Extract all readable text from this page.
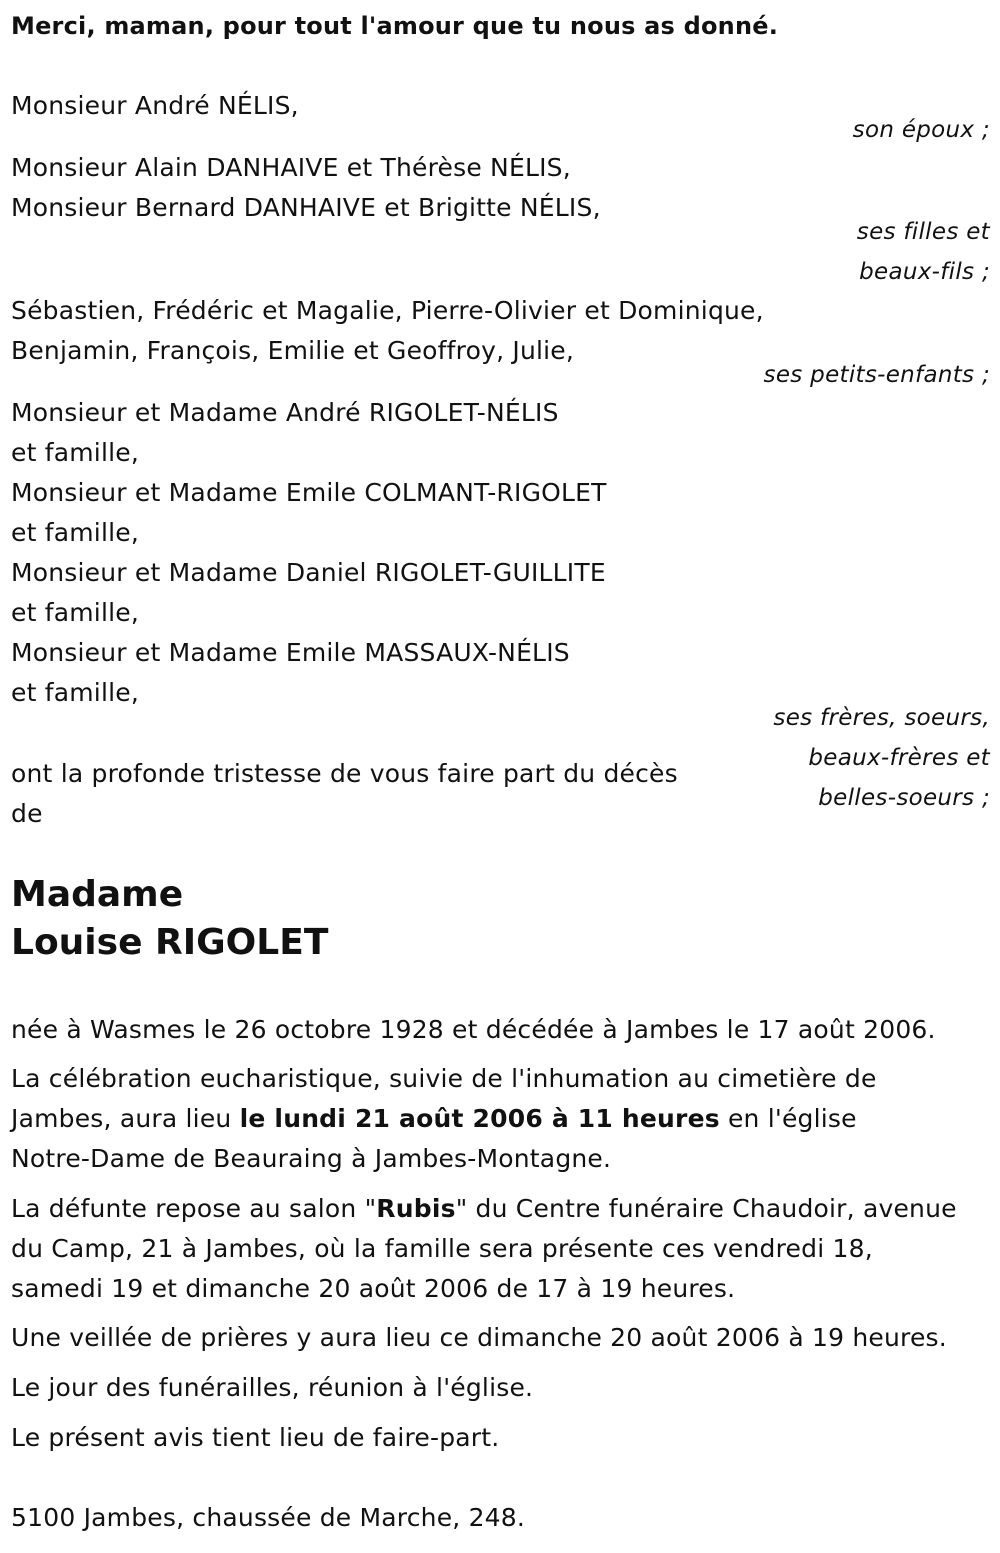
Merci, maman, pour tout l'amour que tu nous as donné.
Monsieur André NÉLIS,
son époux ;
Monsieur Alain DANHAIVE et Thérèse NÉLIS,
Monsieur Bernard DANHAIVE et Brigitte NÉLIS,
ses filles et
beaux-fils ;
Sébastien, Frédéric et Magalie, Pierre-Olivier et Dominique,
Benjamin, François, Emilie et Geoffroy, Julie,
ses petits-enfants ;
Monsieur et Madame André RIGOLET-NÉLIS
et famille,
Monsieur et Madame Emile COLMANT-RIGOLET
et famille,
Monsieur et Madame Daniel RIGOLET-GUILLITE
et famille,
Monsieur et Madame Emile MASSAUX-NÉLIS
et famille,
ses frères, soeurs,
beaux-frères et
belles-soeurs ;
ont la profonde tristesse de vous faire part du décès
de
Madame
Louise RIGOLET
née à Wasmes le 26 octobre 1928 et décédée à Jambes le 17 août 2006.
La célébration eucharistique, suivie de l'inhumation au cimetière de
Jambes, aura lieu le lundi 21 août 2006 à 11 heures en l'église
Notre-Dame de Beauraing à Jambes-Montagne.
La défunte repose au salon "Rubis" du Centre funéraire Chaudoir, avenue
du Camp, 21 à Jambes, où la famille sera présente ces vendredi 18,
samedi 19 et dimanche 20 août 2006 de 17 à 19 heures.
Une veillée de prières y aura lieu ce dimanche 20 août 2006 à 19 heures.
Le jour des funérailles, réunion à l'église.
Le présent avis tient lieu de faire-part.
5100 Jambes, chaussée de Marche, 248.
